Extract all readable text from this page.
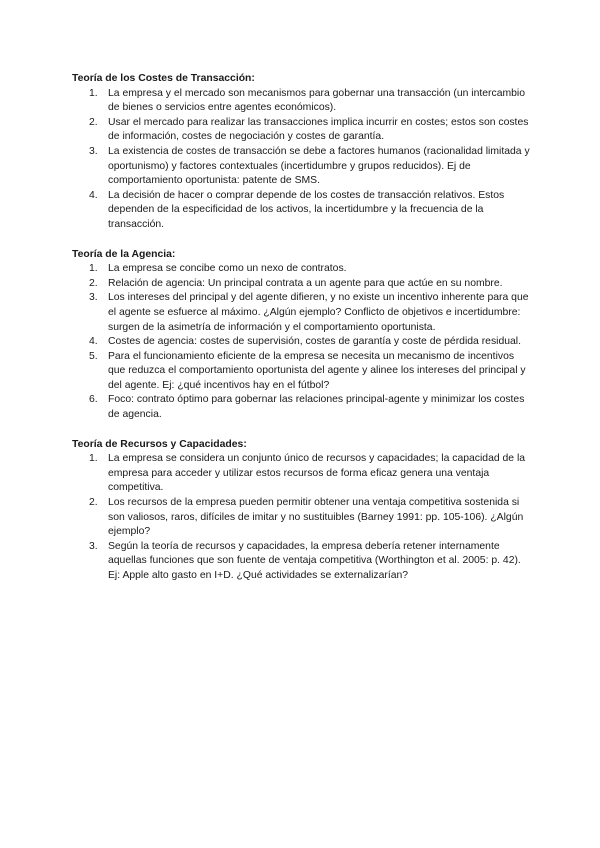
Teoría de los Costes de Transacción:

1. La empresa y el mercado son mecanismos para gobernar una transacción (un intercambio de bienes o servicios entre agentes económicos).
2. Usar el mercado para realizar las transacciones implica incurrir en costes; estos son costes de información, costes de negociación y costes de garantía.
3. La existencia de costes de transacción se debe a factores humanos (racionalidad limitada y oportunismo) y factores contextuales (incertidumbre y grupos reducidos). Ej de comportamiento oportunista: patente de SMS.
4. La decisión de hacer o comprar depende de los costes de transacción relativos. Estos dependen de la especificidad de los activos, la incertidumbre y la frecuencia de la transacción.

Teoría de la Agencia:

1. La empresa se concibe como un nexo de contratos.
2. Relación de agencia: Un principal contrata a un agente para que actúe en su nombre.
3. Los intereses del principal y del agente difieren, y no existe un incentivo inherente para que el agente se esfuerce al máximo. ¿Algún ejemplo? Conflicto de objetivos e incertidumbre: surgen de la asimetría de información y el comportamiento oportunista.
4. Costes de agencia: costes de supervisión, costes de garantía y coste de pérdida residual.
5. Para el funcionamiento eficiente de la empresa se necesita un mecanismo de incentivos que reduzca el comportamiento oportunista del agente y alinee los intereses del principal y del agente. Ej: ¿qué incentivos hay en el fútbol?
6. Foco: contrato óptimo para gobernar las relaciones principal-agente y minimizar los costes de agencia.

Teoría de Recursos y Capacidades:

1. La empresa se considera un conjunto único de recursos y capacidades; la capacidad de la empresa para acceder y utilizar estos recursos de forma eficaz genera una ventaja competitiva.
2. Los recursos de la empresa pueden permitir obtener una ventaja competitiva sostenida si son valiosos, raros, difíciles de imitar y no sustituibles (Barney 1991: pp. 105-106). ¿Algún ejemplo?
3. Según la teoría de recursos y capacidades, la empresa debería retener internamente aquellas funciones que son fuente de ventaja competitiva (Worthington et al. 2005: p. 42). Ej: Apple alto gasto en I+D. ¿Qué actividades se externalizarían?
